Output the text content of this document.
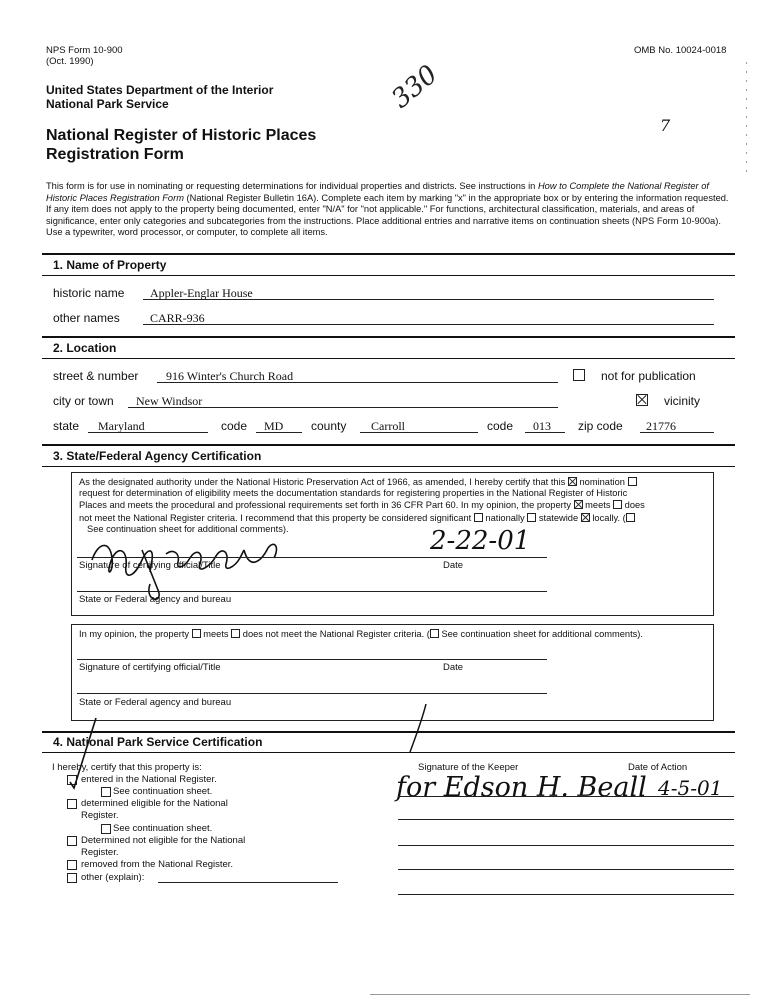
NPS Form 10-900
(Oct. 1990)
OMB No. 10024-0018
United States Department of the Interior
National Park Service
National Register of Historic Places
Registration Form
330
7
This form is for use in nominating or requesting determinations for individual properties and districts. See instructions in How to Complete the National Register of Historic Places Registration Form (National Register Bulletin 16A). Complete each item by marking "x" in the appropriate box or by entering the information requested. If any item does not apply to the property being documented, enter "N/A" for "not applicable." For functions, architectural classification, materials, and areas of significance, enter only categories and subcategories from the instructions. Place additional entries and narrative items on continuation sheets (NPS Form 10-900a). Use a typewriter, word processor, or computer, to complete all items.
1. Name of Property
historic name Appler-Englar House
other names	CARR-936
2. Location
street & number 916 Winter's Church Road	not for publication
city or town New Windsor	vicinity
state Maryland	code MD county Carroll	code 013 zip code 21776
3. State/Federal Agency Certification
As the designated authority under the National Historic Preservation Act of 1966, as amended, I hereby certify that this nomination
request for determination of eligibility meets the documentation standards for registering properties in the National Register of Historic
Places and meets the procedural and professional requirements set forth in 36 CFR Part 60. In my opinion, the property meets does
not meet the National Register criteria. I recommend that this property be considered significant nationally statewide locally. (
See continuation sheet for additional comments).	2-22-01
Signature of certifying official/Title	Date
State or Federal agency and bureau
In my opinion, the property meets does not meet the National Register criteria. ( See continuation sheet for additional comments).
Signature of certifying official/Title	Date
State or Federal agency and bureau
4. National Park Service Certification
I hereby, certify that this property is:
entered in the National Register.
See continuation sheet.
determined eligible for the National
Register.
See continuation sheet.
Determined not eligible for the National
Register.
removed from the National Register.
other (explain):
Signature of the Keeper	Date of Action
for Edson H. Beall 4-5-01
